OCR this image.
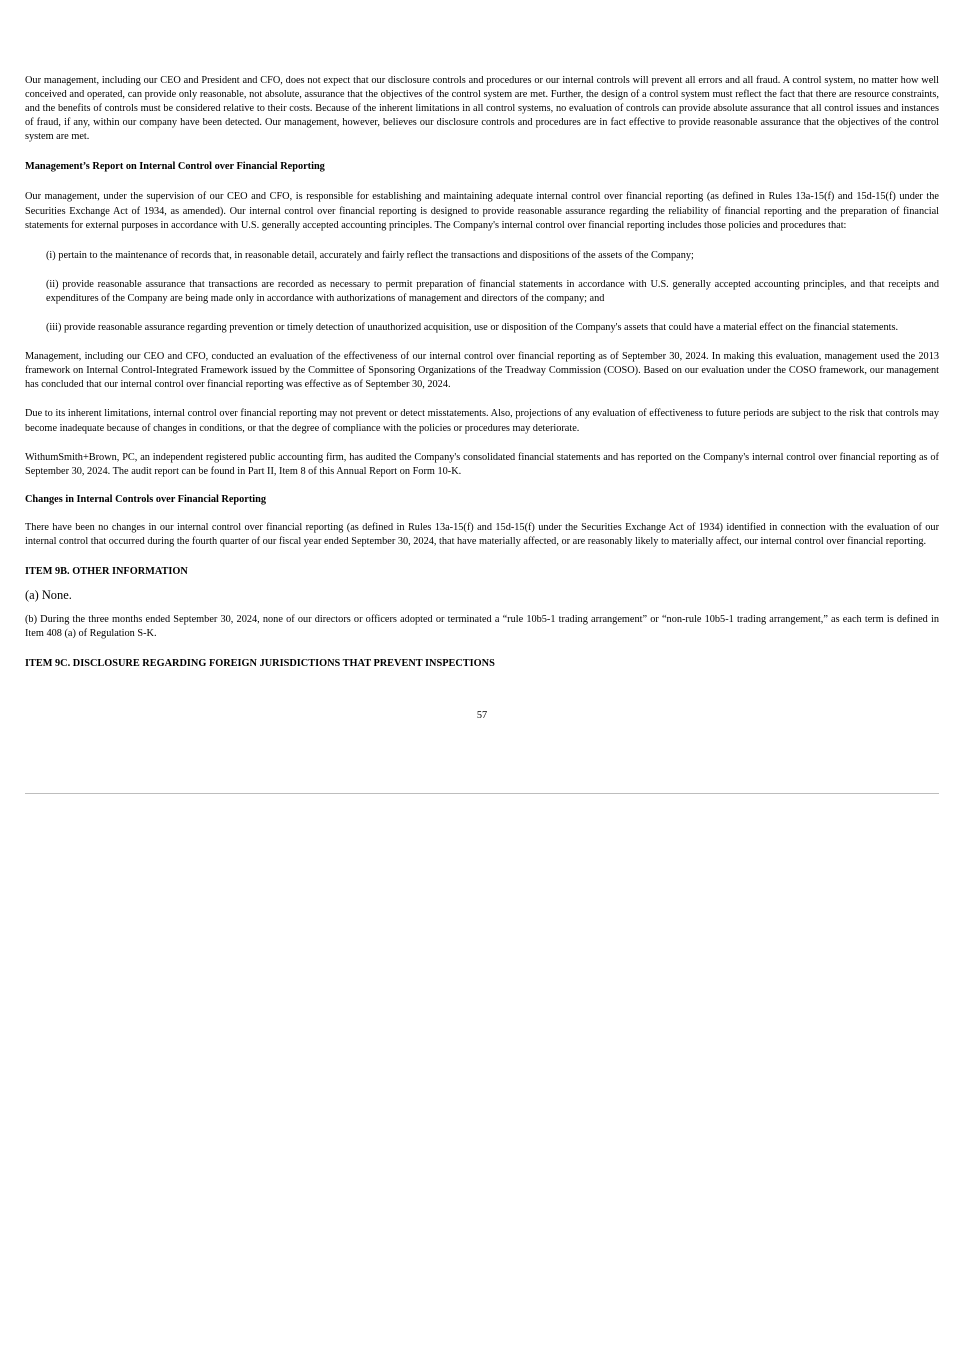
Our management, including our CEO and President and CFO, does not expect that our disclosure controls and procedures or our internal controls will prevent all errors and all fraud. A control system, no matter how well conceived and operated, can provide only reasonable, not absolute, assurance that the objectives of the control system are met. Further, the design of a control system must reflect the fact that there are resource constraints, and the benefits of controls must be considered relative to their costs. Because of the inherent limitations in all control systems, no evaluation of controls can provide absolute assurance that all control issues and instances of fraud, if any, within our company have been detected. Our management, however, believes our disclosure controls and procedures are in fact effective to provide reasonable assurance that the objectives of the control system are met.

Management’s Report on Internal Control over Financial Reporting

Our management, under the supervision of our CEO and CFO, is responsible for establishing and maintaining adequate internal control over financial reporting (as defined in Rules 13a-15(f) and 15d-15(f) under the Securities Exchange Act of 1934, as amended). Our internal control over financial reporting is designed to provide reasonable assurance regarding the reliability of financial reporting and the preparation of financial statements for external purposes in accordance with U.S. generally accepted accounting principles. The Company's internal control over financial reporting includes those policies and procedures that:

(i) pertain to the maintenance of records that, in reasonable detail, accurately and fairly reflect the transactions and dispositions of the assets of the Company;

(ii) provide reasonable assurance that transactions are recorded as necessary to permit preparation of financial statements in accordance with U.S. generally accepted accounting principles, and that receipts and expenditures of the Company are being made only in accordance with authorizations of management and directors of the company; and

(iii) provide reasonable assurance regarding prevention or timely detection of unauthorized acquisition, use or disposition of the Company's assets that could have a material effect on the financial statements.

Management, including our CEO and CFO, conducted an evaluation of the effectiveness of our internal control over financial reporting as of September 30, 2024. In making this evaluation, management used the 2013 framework on Internal Control-Integrated Framework issued by the Committee of Sponsoring Organizations of the Treadway Commission (COSO). Based on our evaluation under the COSO framework, our management has concluded that our internal control over financial reporting was effective as of September 30, 2024.

Due to its inherent limitations, internal control over financial reporting may not prevent or detect misstatements. Also, projections of any evaluation of effectiveness to future periods are subject to the risk that controls may become inadequate because of changes in conditions, or that the degree of compliance with the policies or procedures may deteriorate.

WithumSmith+Brown, PC, an independent registered public accounting firm, has audited the Company's consolidated financial statements and has reported on the Company's internal control over financial reporting as of September 30, 2024. The audit report can be found in Part II, Item 8 of this Annual Report on Form 10-K.

Changes in Internal Controls over Financial Reporting

There have been no changes in our internal control over financial reporting (as defined in Rules 13a-15(f) and 15d-15(f) under the Securities Exchange Act of 1934) identified in connection with the evaluation of our internal control that occurred during the fourth quarter of our fiscal year ended September 30, 2024, that have materially affected, or are reasonably likely to materially affect, our internal control over financial reporting.

ITEM 9B. OTHER INFORMATION

(a) None.

(b) During the three months ended September 30, 2024, none of our directors or officers adopted or terminated a “rule 10b5-1 trading arrangement” or “non-rule 10b5-1 trading arrangement,” as each term is defined in Item 408 (a) of Regulation S-K.

ITEM 9C. DISCLOSURE REGARDING FOREIGN JURISDICTIONS THAT PREVENT INSPECTIONS

57
